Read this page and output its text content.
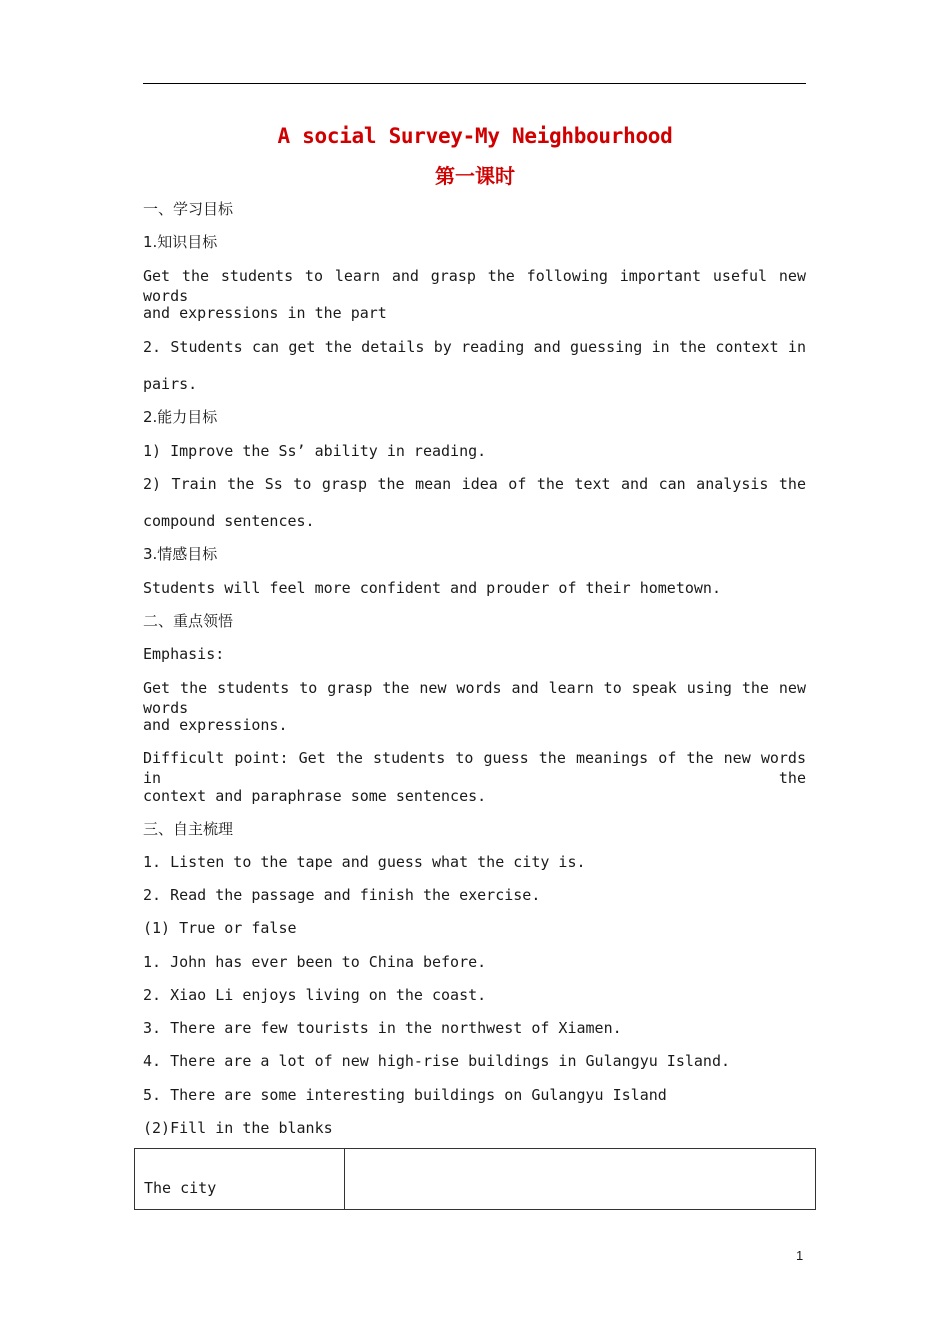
A social Survey-My Neighbourhood
第一课时
一、学习目标
1.知识目标
Get the students to learn and grasp the following important useful new words
and expressions in the part
2. Students can get the details by reading and guessing in the context in
pairs.
2.能力目标
1) Improve the Ss’ ability in reading.
2) Train the Ss to grasp the mean idea of the text and can analysis the
compound sentences.
3.情感目标
Students will feel more confident and prouder of their hometown.
二、重点领悟
Emphasis:
Get the students to grasp the new words and learn to speak using the new words
and expressions.
Difficult point: Get the students to guess the meanings of the new words in the
context and paraphrase some sentences.
三、自主梳理
1. Listen to the tape and guess what the city is.
2. Read the passage and finish the exercise.
(1) True or false
1. John has ever been to China before.
2. Xiao Li enjoys living on the coast.
3. There are few tourists in the northwest of Xiamen.
4. There are a lot of new high-rise buildings in Gulangyu Island.
5. There are some interesting buildings on Gulangyu Island
(2)Fill in the blanks
The city	
1
